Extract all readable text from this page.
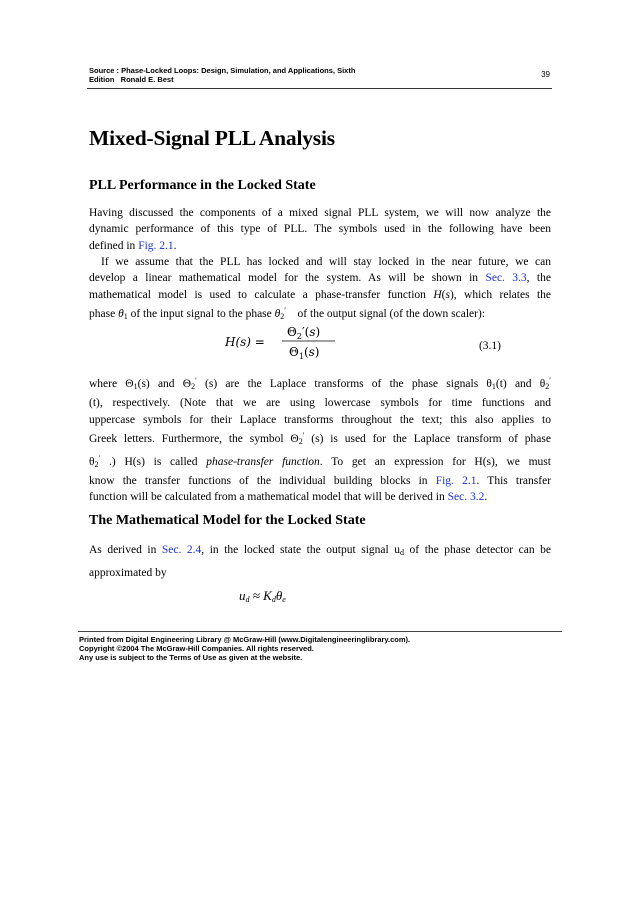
Source : Phase-Locked Loops: Design, Simulation, and Applications, Sixth
Edition   Ronald E. Best
39
Mixed-Signal PLL Analysis
PLL Performance in the Locked State
Having discussed the components of a mixed signal PLL system, we will now analyze the
dynamic performance of this type of PLL. The symbols used in the following have been
defined in Fig. 2.1.
If we assume that the PLL has locked and will stay locked in the near future, we can
develop a linear mathematical model for the system. As will be shown in Sec. 3.3, the
mathematical model is used to calculate a phase-transfer function H(s), which relates the
phase $\theta_1$ of the input signal to the phase $\theta_2'$    of the output signal (of the down scaler):
H(s) =
$\Theta_2'(s)$
$\Theta_1(s)$	(3.1)
where $\Theta_1(s)$ and $\Theta_2'$ (s) are the Laplace transforms of the phase signals $\theta_1(t)$ and $\theta_2'$
(t), respectively. (Note that we are using lowercase symbols for time functions and
uppercase symbols for their Laplace transforms throughout the text; this also applies to
Greek letters. Furthermore, the symbol $\Theta_2'$ (s) is used for the Laplace transform of phase
$\theta_2'$ .) H(s) is called phase-transfer function. To get an expression for H(s), we must
know the transfer functions of the individual building blocks in Fig. 2.1. This transfer
function will be calculated from a mathematical model that will be derived in Sec. 3.2.
The Mathematical Model for the Locked State
As derived in Sec. 2.4, in the locked state the output signal $u_d$ of the phase detector can be
approximated by
$u_d \approx K_d\theta_e$
Printed from Digital Engineering Library @ McGraw-Hill (www.Digitalengineeringlibrary.com).
Copyright ©2004 The McGraw-Hill Companies. All rights reserved.
Any use is subject to the Terms of Use as given at the website.
